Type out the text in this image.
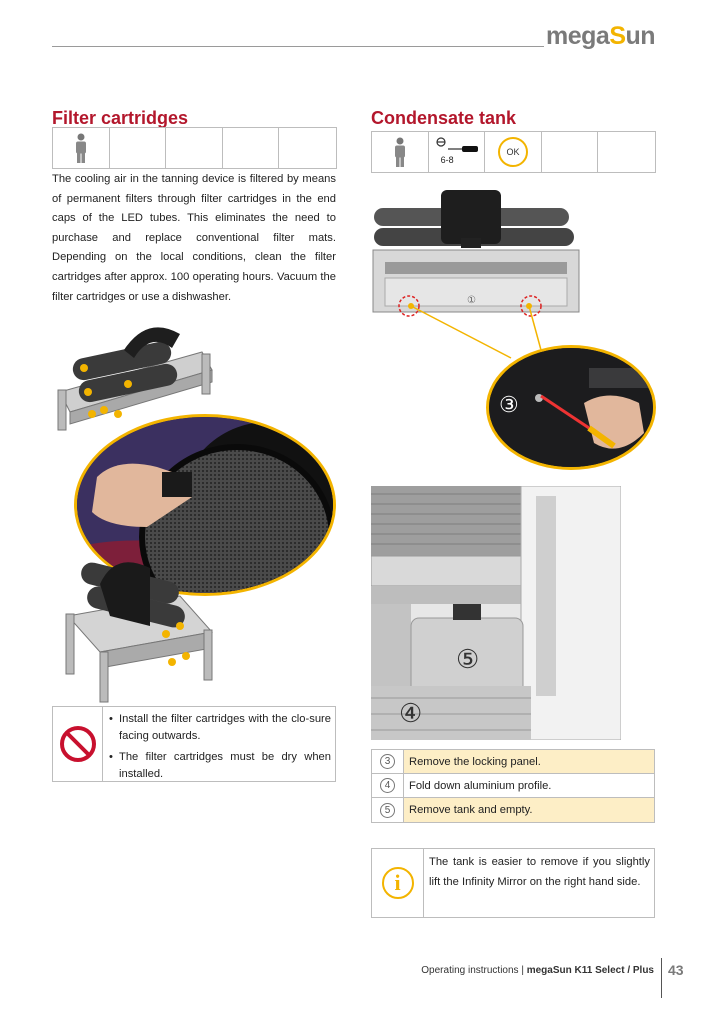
megaSun
Filter cartridges
The cooling air in the tanning device is filtered by means of permanent filters through filter cartridges in the end caps of the LED tubes. This eliminates the need to purchase and replace conventional filter mats. Depending on the local conditions, clean the filter cartridges after approx. 100 operating hours. Vacuum the filter cartridges or use a dishwasher.
• Install the filter cartridges with the clo-sure facing outwards.
• The filter cartridges must be dry when installed.
Condensate tank
6-8
OK
①
③
⑤
④
3	Remove the locking panel.
4	Fold down aluminium profile.
5	Remove tank and empty.
i
The tank is easier to remove if you slightly lift the Infinity Mirror on the right hand side.
Operating instructions | megaSun K11 Select / Plus 43
